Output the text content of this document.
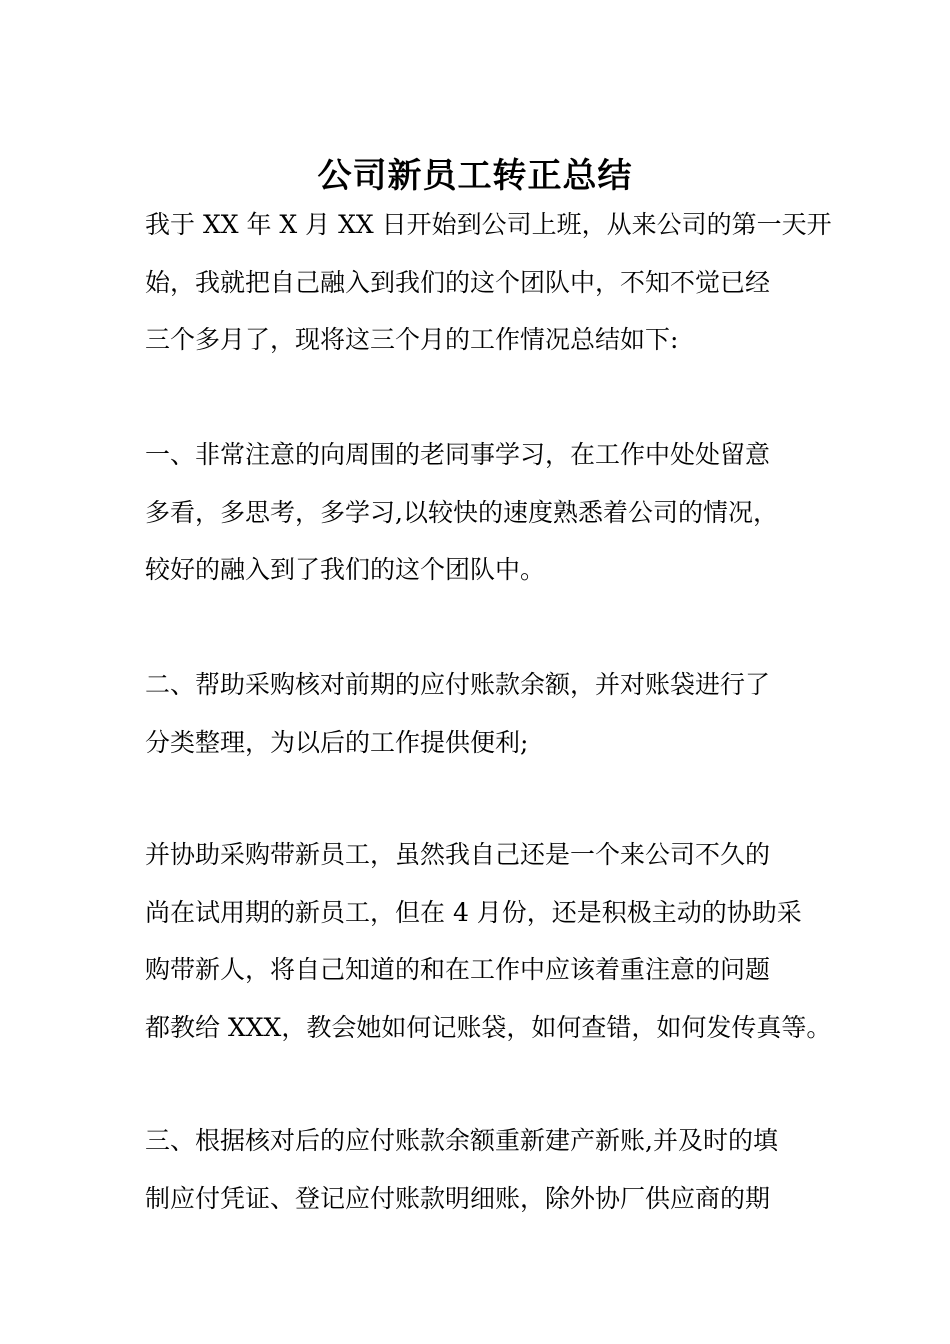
公司新员工转正总结

我于 XX 年 X 月 XX 日开始到公司上班，从来公司的第一天开
始，我就把自己融入到我们的这个团队中，不知不觉已经
三个多月了，现将这三个月的工作情况总结如下:

一、非常注意的向周围的老同事学习，在工作中处处留意
多看，多思考，多学习,以较快的速度熟悉着公司的情况，
较好的融入到了我们的这个团队中。

二、帮助采购核对前期的应付账款余额，并对账袋进行了
分类整理，为以后的工作提供便利;

并协助采购带新员工，虽然我自己还是一个来公司不久的
尚在试用期的新员工，但在 4 月份，还是积极主动的协助采
购带新人，将自己知道的和在工作中应该着重注意的问题
都教给 XXX，教会她如何记账袋，如何查错，如何发传真等。

三、根据核对后的应付账款余额重新建产新账,并及时的填
制应付凭证、登记应付账款明细账，除外协厂供应商的期
